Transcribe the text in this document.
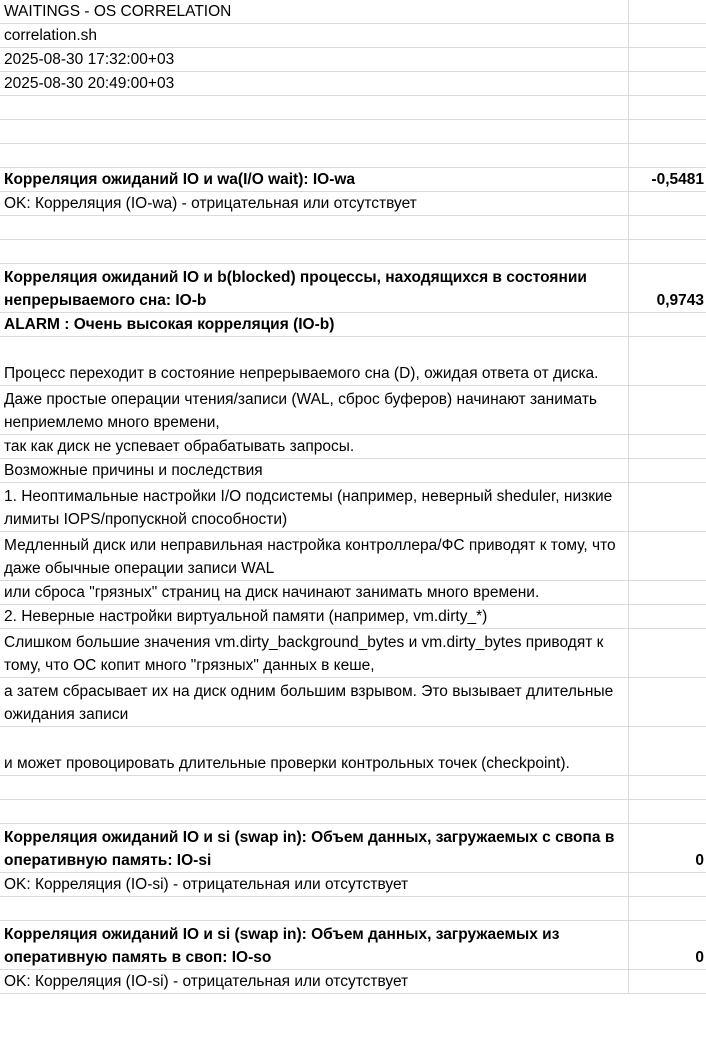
WAITINGS - OS CORRELATION	
correlation.sh	
2025-08-30 17:32:00+03	
2025-08-30 20:49:00+03	

Корреляция ожиданий IO и wa(I/O wait): IO-wa	-0,5481
OK: Корреляция (IO-wa) - отрицательная или отсутствует	

Корреляция ожиданий IO и b(blocked) процессы, находящихся в состоянии непрерываемого сна: IO-b	0,9743
ALARM : Очень высокая корреляция (IO-b)	
Процесс переходит в состояние непрерываемого сна (D), ожидая ответа от диска.	
Даже простые операции чтения/записи (WAL, сброс буферов) начинают занимать неприемлемо много времени,	
так как диск не успевает обрабатывать запросы.	
Возможные причины и последствия	
1. Неоптимальные настройки I/O подсистемы (например, неверный sheduler, низкие лимиты IOPS/пропускной способности)	
Медленный диск или неправильная настройка контроллера/ФС приводят к тому, что даже обычные операции записи WAL	
или сброса "грязных" страниц на диск начинают занимать много времени.	
2. Неверные настройки виртуальной памяти (например, vm.dirty_*)	
Слишком большие значения vm.dirty_background_bytes и vm.dirty_bytes приводят к тому, что ОС копит много "грязных" данных в кеше,	
а затем сбрасывает их на диск одним большим взрывом. Это вызывает длительные ожидания записи	
и может провоцировать длительные проверки контрольных точек (checkpoint).	

Корреляция ожиданий IO и si (swap in): Объем данных, загружаемых с свопа в оперативную память: IO-si	0
OK: Корреляция (IO-si) - отрицательная или отсутствует	

Корреляция ожиданий IO и si (swap in): Объем данных, загружаемых из оперативную память в своп: IO-so	0
OK: Корреляция (IO-si) - отрицательная или отсутствует	
